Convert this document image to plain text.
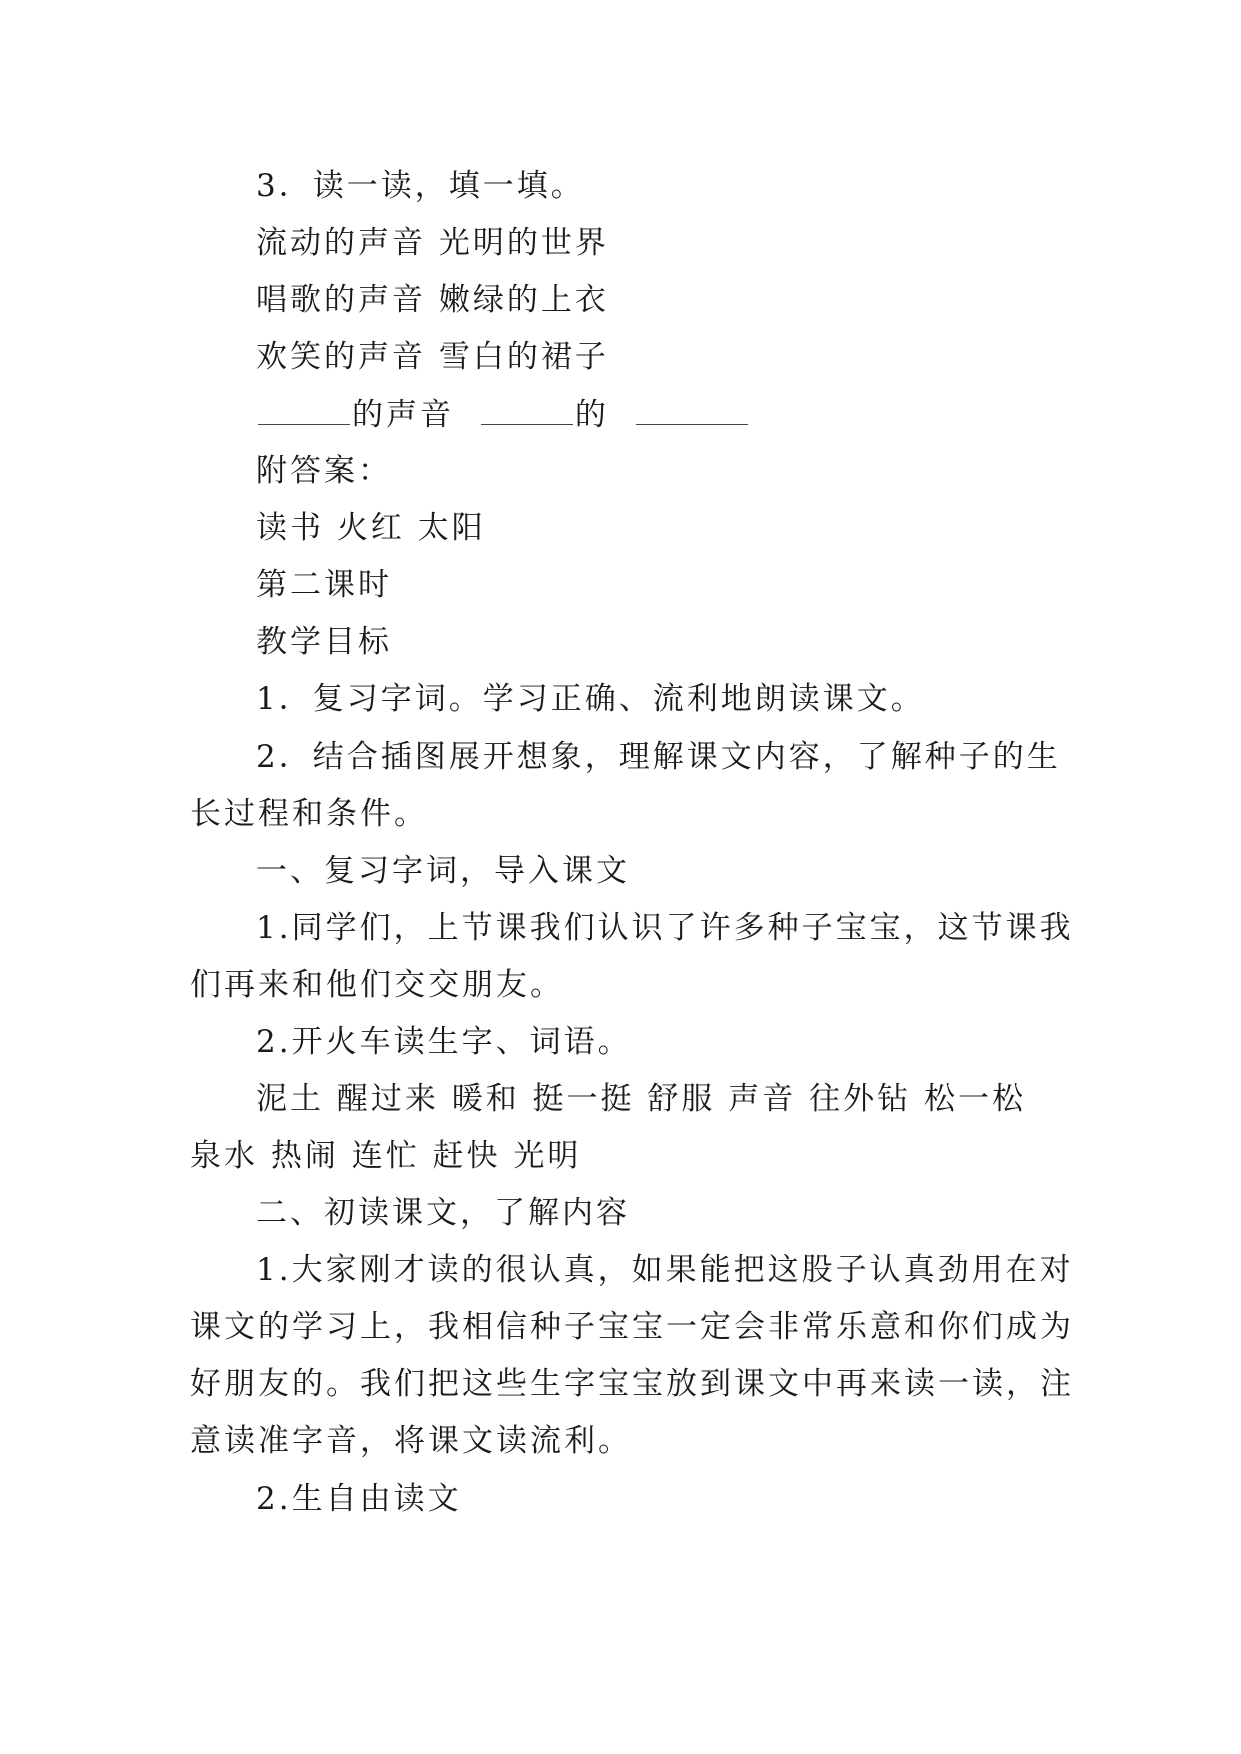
3．读一读，填一填。
流动的声音 光明的世界
唱歌的声音 嫩绿的上衣
欢笑的声音 雪白的裙子
的声音	的
附答案：
读书 火红 太阳
第二课时
教学目标
1．复习字词。学习正确、流利地朗读课文。
2．结合插图展开想象，理解课文内容，了解种子的生
长过程和条件。
一、复习字词，导入课文
1.同学们，上节课我们认识了许多种子宝宝，这节课我
们再来和他们交交朋友。
2.开火车读生字、词语。
泥土 醒过来 暖和 挺一挺 舒服 声音 往外钻 松一松
泉水 热闹 连忙 赶快 光明
二、初读课文，了解内容
1.大家刚才读的很认真，如果能把这股子认真劲用在对
课文的学习上，我相信种子宝宝一定会非常乐意和你们成为
好朋友的。我们把这些生字宝宝放到课文中再来读一读，注
意读准字音，将课文读流利。
2.生自由读文
